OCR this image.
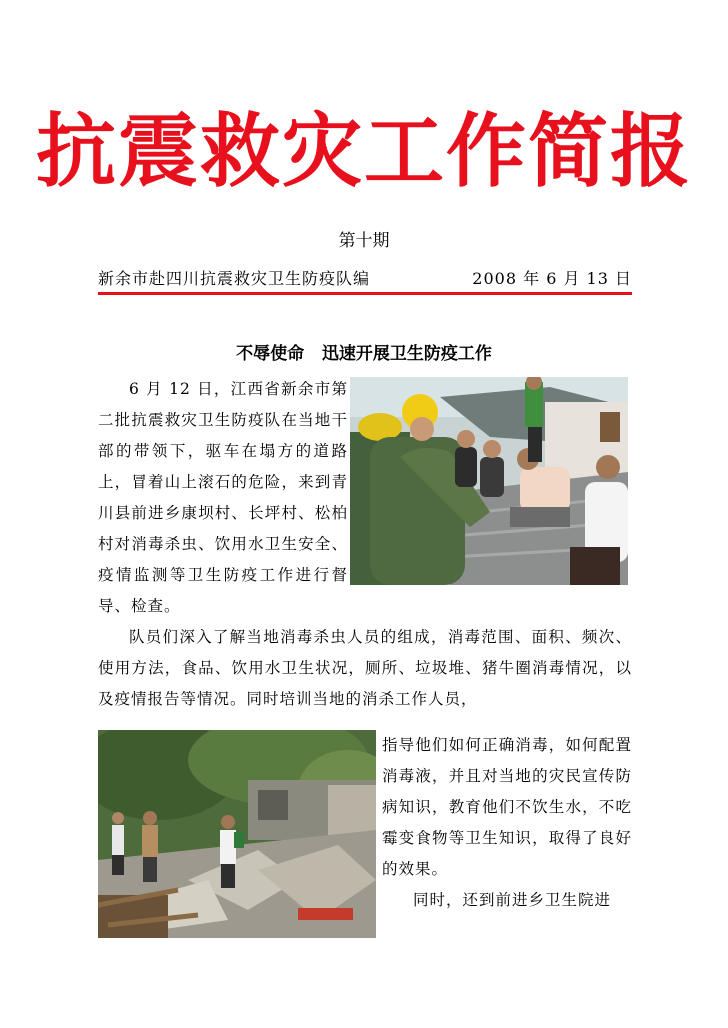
抗震救灾工作简报
第十期
新余市赴四川抗震救灾卫生防疫队编	2008 年 6 月 13 日
不辱使命   迅速开展卫生防疫工作
6 月 12 日，江西省新余市第二批抗震救灾卫生防疫队在当地干部的带领下，驱车在塌方的道路上，冒着山上滚石的危险，来到青川县前进乡康坝村、长坪村、松柏村对消毒杀虫、饮用水卫生安全、疫情监测等卫生防疫工作进行督导、检查。
队员们深入了解当地消毒杀虫人员的组成，消毒范围、面积、频次、使用方法，食品、饮用水卫生状况，厕所、垃圾堆、猪牛圈消毒情况，以及疫情报告等情况。同时培训当地的消杀工作人员，
指导他们如何正确消毒，如何配置消毒液，并且对当地的灾民宣传防病知识，教育他们不饮生水，不吃霉变食物等卫生知识，取得了良好的效果。
同时，还到前进乡卫生院进
